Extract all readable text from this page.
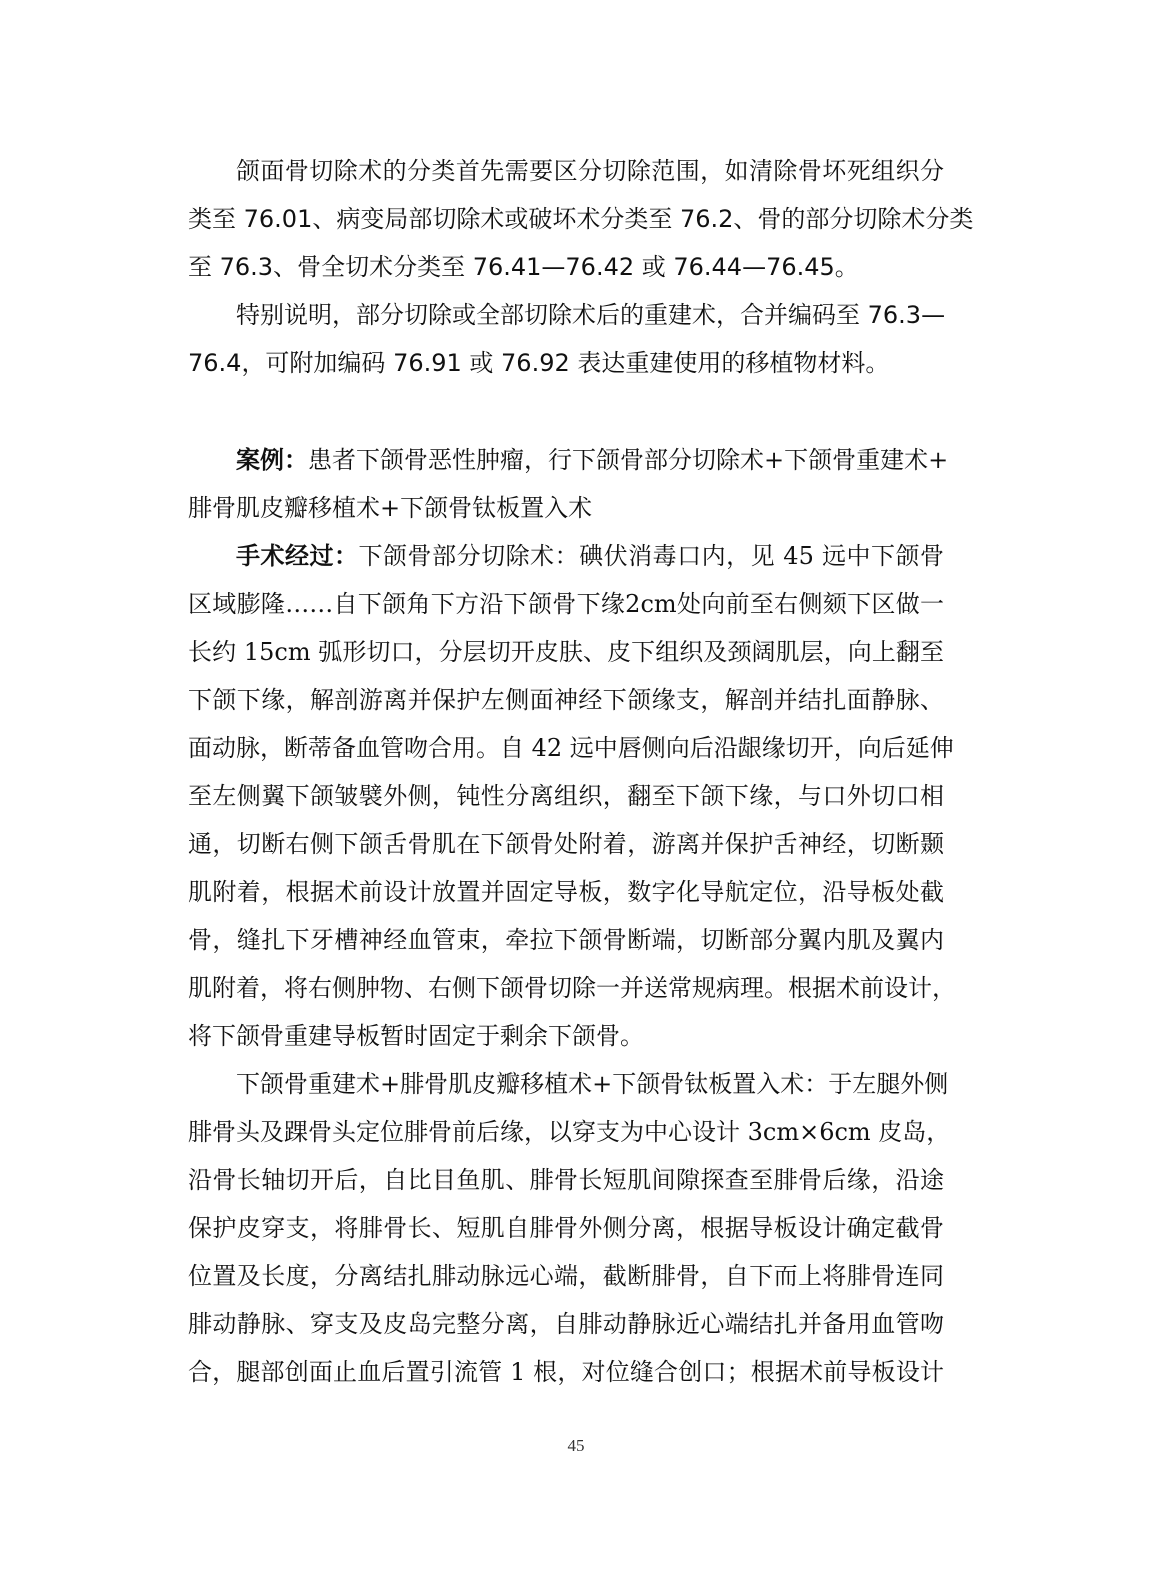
颌面骨切除术的分类首先需要区分切除范围，如清除骨坏死组织分
类至 76.01、病变局部切除术或破坏术分类至 76.2、骨的部分切除术分类
至 76.3、骨全切术分类至 76.41—76.42 或 76.44—76.45。
特别说明，部分切除或全部切除术后的重建术，合并编码至 76.3—
76.4，可附加编码 76.91 或 76.92 表达重建使用的移植物材料。
案例：患者下颌骨恶性肿瘤，行下颌骨部分切除术+下颌骨重建术+
腓骨肌皮瓣移植术+下颌骨钛板置入术
手术经过：下颌骨部分切除术：碘伏消毒口内，见 45 远中下颌骨
区域膨隆……自下颌角下方沿下颌骨下缘2cm处向前至右侧颏下区做一
长约 15cm 弧形切口，分层切开皮肤、皮下组织及颈阔肌层，向上翻至
下颌下缘，解剖游离并保护左侧面神经下颌缘支，解剖并结扎面静脉、
面动脉，断蒂备血管吻合用。自 42 远中唇侧向后沿龈缘切开，向后延伸
至左侧翼下颌皱襞外侧，钝性分离组织，翻至下颌下缘，与口外切口相
通，切断右侧下颌舌骨肌在下颌骨处附着，游离并保护舌神经，切断颞
肌附着，根据术前设计放置并固定导板，数字化导航定位，沿导板处截
骨，缝扎下牙槽神经血管束，牵拉下颌骨断端，切断部分翼内肌及翼内
肌附着，将右侧肿物、右侧下颌骨切除一并送常规病理。根据术前设计，
将下颌骨重建导板暂时固定于剩余下颌骨。
下颌骨重建术+腓骨肌皮瓣移植术+下颌骨钛板置入术：于左腿外侧
腓骨头及踝骨头定位腓骨前后缘，以穿支为中心设计 3cm×6cm 皮岛，
沿骨长轴切开后，自比目鱼肌、腓骨长短肌间隙探查至腓骨后缘，沿途
保护皮穿支，将腓骨长、短肌自腓骨外侧分离，根据导板设计确定截骨
位置及长度，分离结扎腓动脉远心端，截断腓骨，自下而上将腓骨连同
腓动静脉、穿支及皮岛完整分离，自腓动静脉近心端结扎并备用血管吻
合，腿部创面止血后置引流管 1 根，对位缝合创口；根据术前导板设计
45
